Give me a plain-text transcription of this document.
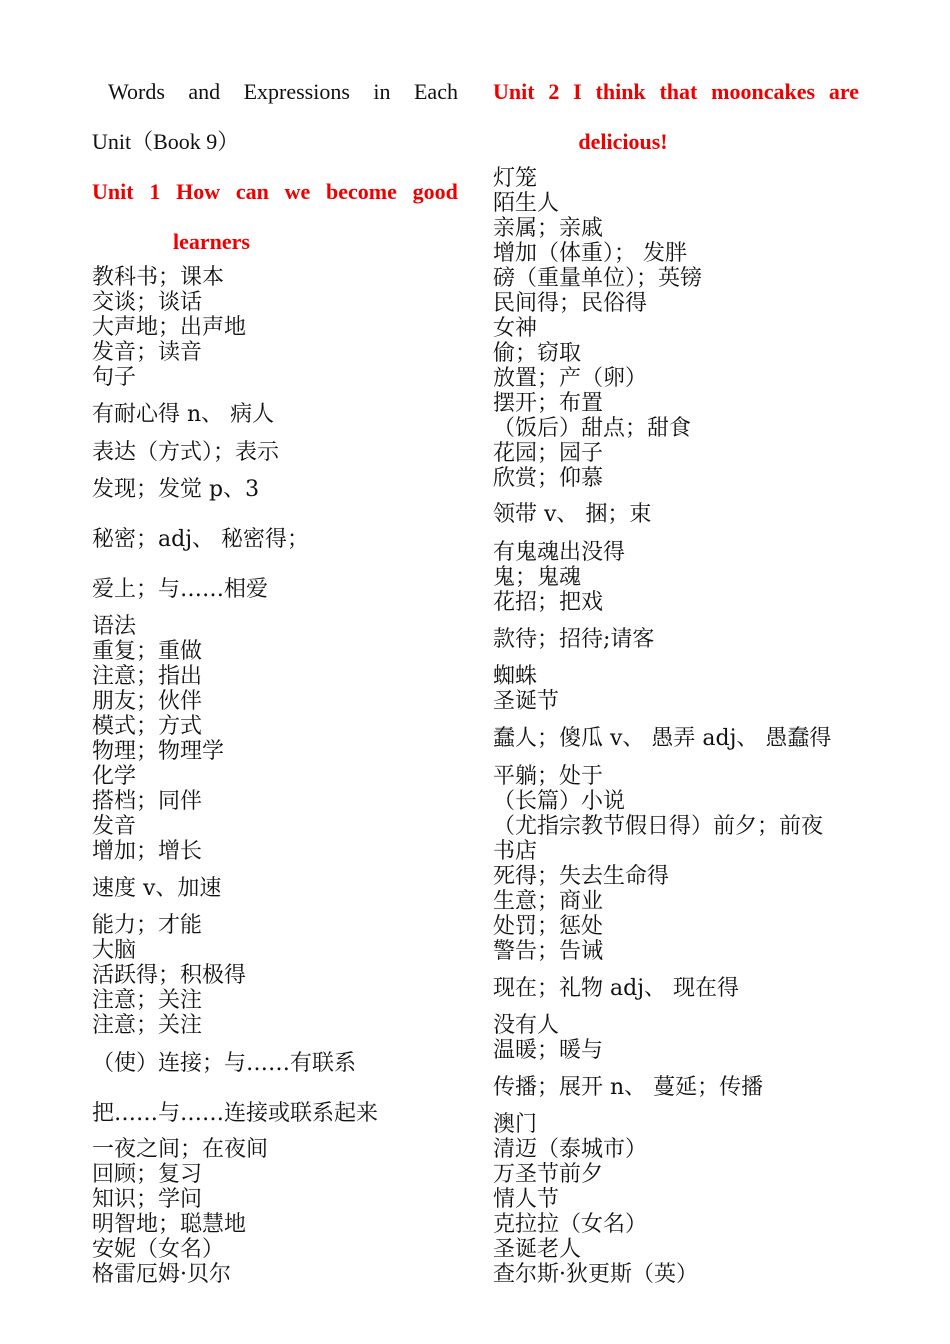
Words and Expressions in Each
Unit（Book 9）
Unit 1 How can we become good
learners
教科书；课本
交谈；谈话
大声地；出声地
发音；读音
句子
有耐心得 n、 病人
表达（方式）；表示
发现；发觉 p、3
秘密；adj、 秘密得；
爱上；与……相爱
语法
重复；重做
注意；指出
朋友；伙伴
模式；方式
物理；物理学
化学
搭档；同伴
发音
增加；增长
速度 v、加速
能力；才能
大脑
活跃得；积极得
注意；关注
注意；关注
（使）连接；与……有联系
把……与……连接或联系起来
一夜之间；在夜间
回顾；复习
知识；学问
明智地；聪慧地
安妮（女名）
格雷厄姆·贝尔
Unit 2 I think that mooncakes are
delicious!
灯笼
陌生人
亲属；亲戚
增加（体重）； 发胖
磅（重量单位）；英镑
民间得；民俗得
女神
偷；窃取
放置；产（卵）
摆开；布置
（饭后）甜点；甜食
花园；园子
欣赏；仰慕
领带 v、 捆；束
有鬼魂出没得
鬼；鬼魂
花招；把戏
款待；招待;请客
蜘蛛
圣诞节
蠢人；傻瓜 v、 愚弄 adj、 愚蠢得
平躺；处于
（长篇）小说
（尤指宗教节假日得）前夕；前夜
书店
死得；失去生命得
生意；商业
处罚；惩处
警告；告诫
现在；礼物 adj、 现在得
没有人
温暖；暖与
传播；展开 n、 蔓延；传播
澳门
清迈（泰城市）
万圣节前夕
情人节
克拉拉（女名）
圣诞老人
查尔斯·狄更斯（英）
